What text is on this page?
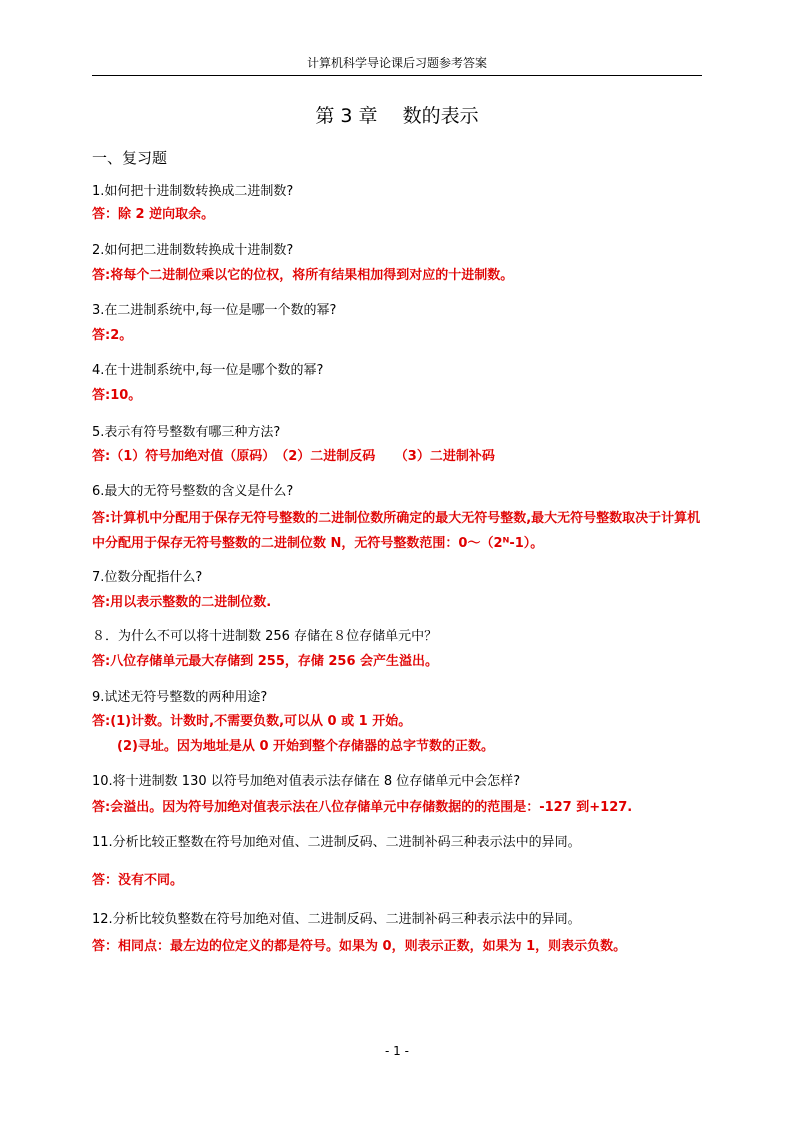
计算机科学导论课后习题参考答案
第 3 章　 数的表示
一、复习题
1.如何把十进制数转换成二进制数?
答：除 2 逆向取余。
2.如何把二进制数转换成十进制数?
答:将每个二进制位乘以它的位权，将所有结果相加得到对应的十进制数。
3.在二进制系统中,每一位是哪一个数的幂?
答:2。
4.在十进制系统中,每一位是哪个数的幂?
答:10。
5.表示有符号整数有哪三种方法?
答:（1）符号加绝对值（原码）　（2）二进制反码　　（3）二进制补码
6.最大的无符号整数的含义是什么?
答:计算机中分配用于保存无符号整数的二进制位数所确定的最大无符号整数,最大无符号整数取决于计算机中分配用于保存无符号整数的二进制位数 N，无符号整数范围：0～（2ᴺ-1）。
7.位数分配指什么?
答:用以表示整数的二进制位数.
８．为什么不可以将十进制数 256 存储在８位存储单元中？
答:八位存储单元最大存储到 255，存储 256 会产生溢出。
9.试述无符号整数的两种用途?
答:(1)计数。计数时,不需要负数,可以从 0 或 1 开始。
(2)寻址。因为地址是从 0 开始到整个存储器的总字节数的正数。
10.将十进制数 130 以符号加绝对值表示法存储在 8 位存储单元中会怎样?
答:会溢出。因为符号加绝对值表示法在八位存储单元中存储数据的的范围是：-127 到+127.
11.分析比较正整数在符号加绝对值、二进制反码、二进制补码三种表示法中的异同。
答：没有不同。
12.分析比较负整数在符号加绝对值、二进制反码、二进制补码三种表示法中的异同。
答：相同点：最左边的位定义的都是符号。如果为 0，则表示正数，如果为 1，则表示负数。
- 1 -
